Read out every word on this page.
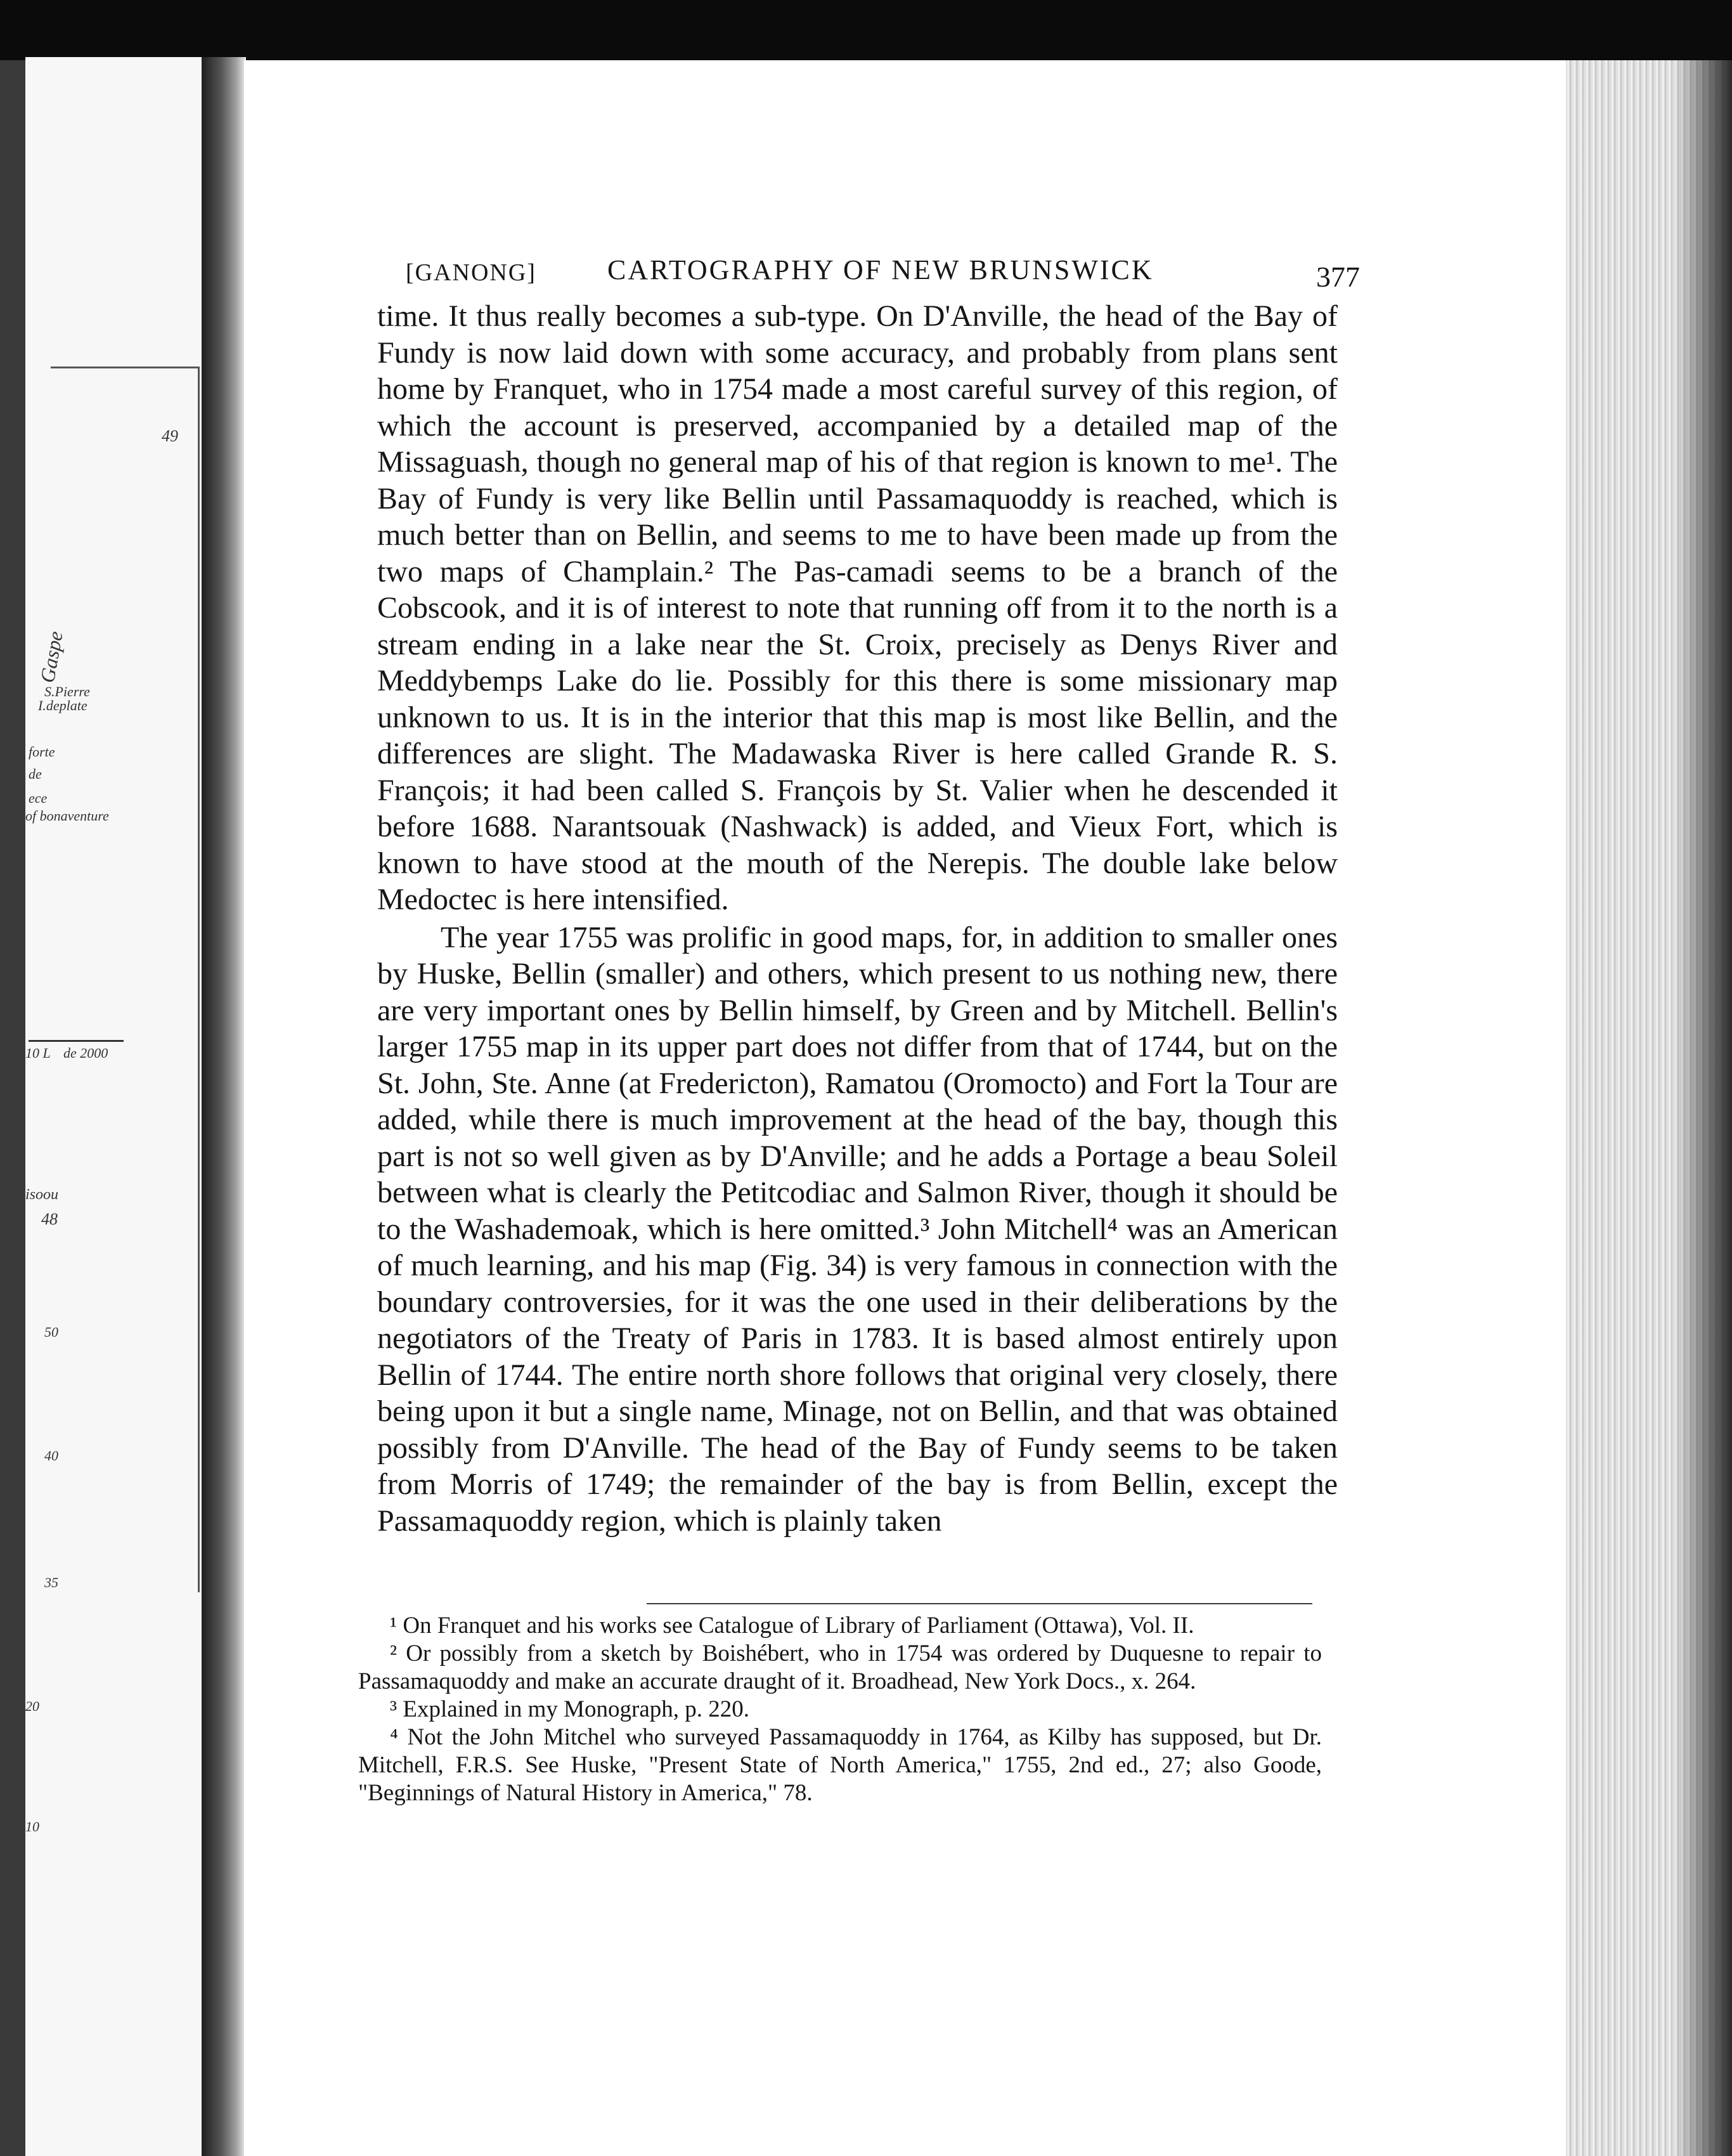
49
Gaspe
S.Pierre
I.deplate
forte
de
ece
of bonaventure
10 L de 2000
isoou
48
50
40
35
20
10
[GANONG]	CARTOGRAPHY OF NEW BRUNSWICK	377

time. It thus really becomes a sub-type. On D'Anville, the head of the Bay of Fundy is now laid down with some accuracy, and probably from plans sent home by Franquet, who in 1754 made a most careful survey of this region, of which the account is preserved, accompanied by a detailed map of the Missaguash, though no general map of his of that region is known to me¹. The Bay of Fundy is very like Bellin until Passamaquoddy is reached, which is much better than on Bellin, and seems to me to have been made up from the two maps of Champlain.² The Pas-camadi seems to be a branch of the Cobscook, and it is of interest to note that running off from it to the north is a stream ending in a lake near the St. Croix, precisely as Denys River and Meddybemps Lake do lie. Possibly for this there is some missionary map unknown to us. It is in the interior that this map is most like Bellin, and the differences are slight. The Madawaska River is here called Grande R. S. François; it had been called S. François by St. Valier when he descended it before 1688. Narantsouak (Nashwack) is added, and Vieux Fort, which is known to have stood at the mouth of the Nerepis. The double lake below Medoctec is here intensified.

The year 1755 was prolific in good maps, for, in addition to smaller ones by Huske, Bellin (smaller) and others, which present to us nothing new, there are very important ones by Bellin himself, by Green and by Mitchell. Bellin's larger 1755 map in its upper part does not differ from that of 1744, but on the St. John, Ste. Anne (at Fredericton), Ramatou (Oromocto) and Fort la Tour are added, while there is much improvement at the head of the bay, though this part is not so well given as by D'Anville; and he adds a Portage a beau Soleil between what is clearly the Petitcodiac and Salmon River, though it should be to the Washademoak, which is here omitted.³ John Mitchell⁴ was an American of much learning, and his map (Fig. 34) is very famous in connection with the boundary controversies, for it was the one used in their deliberations by the negotiators of the Treaty of Paris in 1783. It is based almost entirely upon Bellin of 1744. The entire north shore follows that original very closely, there being upon it but a single name, Minage, not on Bellin, and that was obtained possibly from D'Anville. The head of the Bay of Fundy seems to be taken from Morris of 1749; the remainder of the bay is from Bellin, except the Passamaquoddy region, which is plainly taken

¹ On Franquet and his works see Catalogue of Library of Parliament (Ottawa), Vol. II.

² Or possibly from a sketch by Boishébert, who in 1754 was ordered by Duquesne to repair to Passamaquoddy and make an accurate draught of it. Broadhead, New York Docs., x. 264.

³ Explained in my Monograph, p. 220.

⁴ Not the John Mitchel who surveyed Passamaquoddy in 1764, as Kilby has supposed, but Dr. Mitchell, F.R.S. See Huske, "Present State of North America," 1755, 2nd ed., 27; also Goode, "Beginnings of Natural History in America," 78.
